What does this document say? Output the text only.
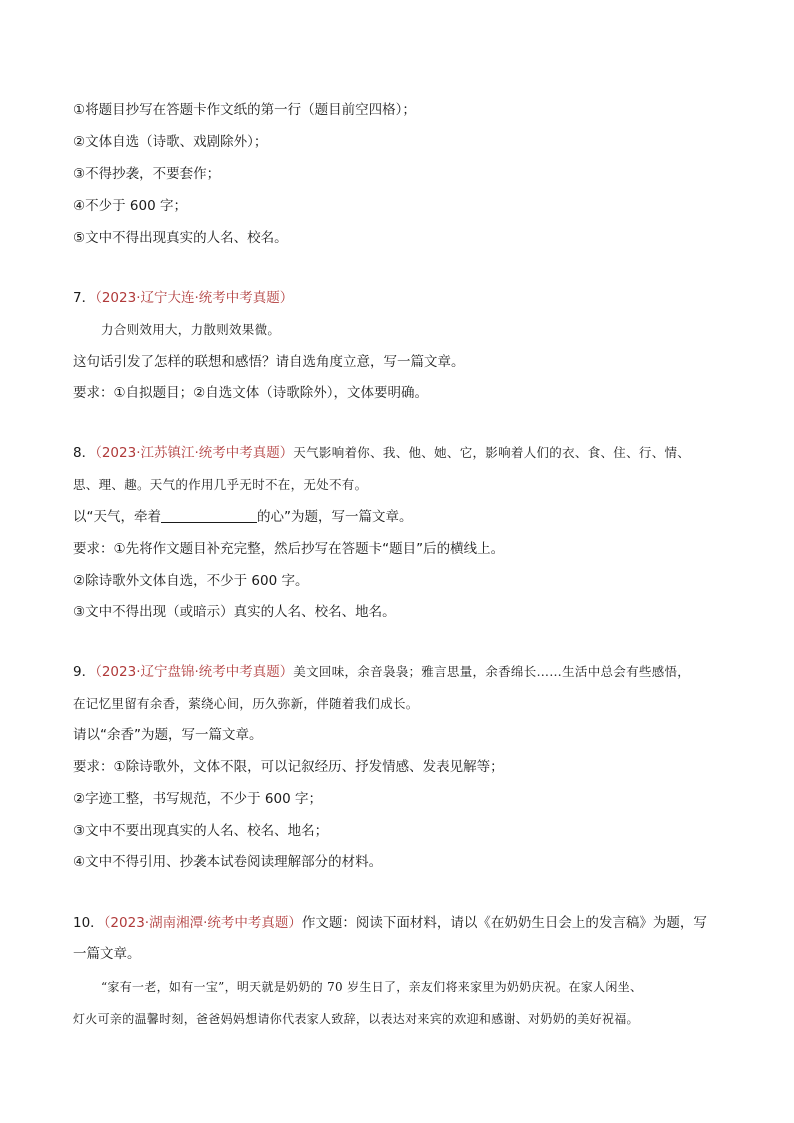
①将题目抄写在答题卡作文纸的第一行（题目前空四格）；
②文体自选（诗歌、戏剧除外）；
③不得抄袭，不要套作；
④不少于 600 字；
⑤文中不得出现真实的人名、校名。
7．（2023·辽宁大连·统考中考真题）
力合则效用大，力散则效果微。
这句话引发了怎样的联想和感悟？请自选角度立意，写一篇文章。
要求：①自拟题目；②自选文体（诗歌除外），文体要明确。
8．（2023·江苏镇江·统考中考真题）天气影响着你、我、他、她、它，影响着人们的衣、食、住、行、情、
思、理、趣。天气的作用几乎无时不在，无处不有。
以“天气，牵着	的心”为题，写一篇文章。
要求：①先将作文题目补充完整，然后抄写在答题卡“题目”后的横线上。
②除诗歌外文体自选，不少于 600 字。
③文中不得出现（或暗示）真实的人名、校名、地名。
9．（2023·辽宁盘锦·统考中考真题）美文回味，余音袅袅；雅言思量，余香绵长……生活中总会有些感悟，
在记忆里留有余香，萦绕心间，历久弥新，伴随着我们成长。
请以“余香”为题，写一篇文章。
要求：①除诗歌外，文体不限，可以记叙经历、抒发情感、发表见解等；
②字迹工整，书写规范，不少于 600 字；
③文中不要出现真实的人名、校名、地名；
④文中不得引用、抄袭本试卷阅读理解部分的材料。
10．（2023·湖南湘潭·统考中考真题）作文题：阅读下面材料，请以《在奶奶生日会上的发言稿》为题，写
一篇文章。
“家有一老，如有一宝”，明天就是奶奶的 70 岁生日了，亲友们将来家里为奶奶庆祝。在家人闲坐、
灯火可亲的温馨时刻，爸爸妈妈想请你代表家人致辞，以表达对来宾的欢迎和感谢、对奶奶的美好祝福。
